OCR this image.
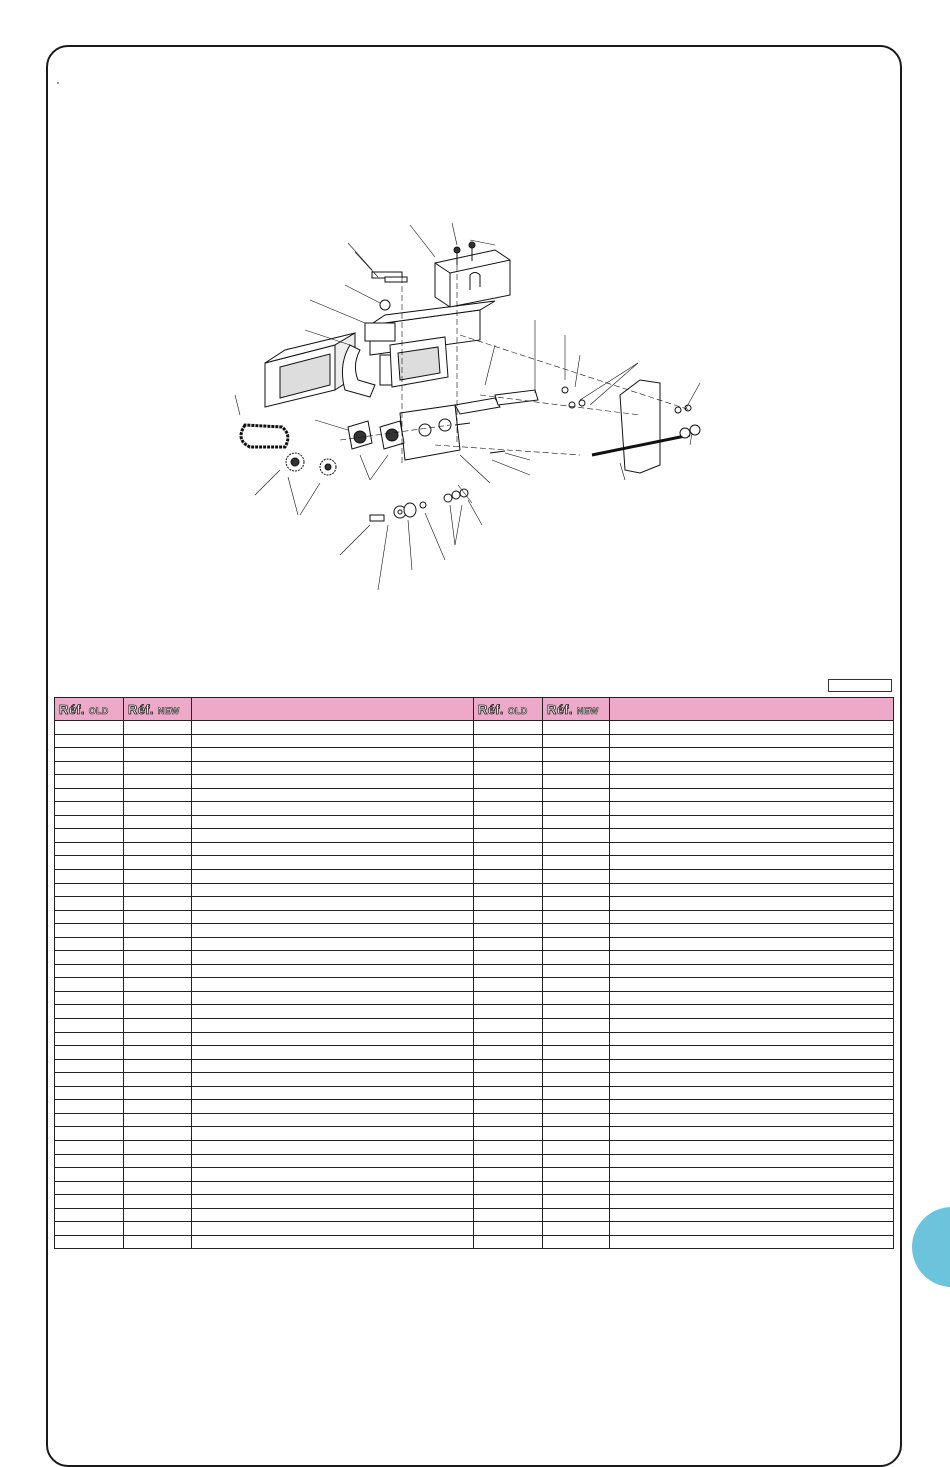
Réf. OLD	Réf. NEW		Réf. OLD	Réf. NEW	
